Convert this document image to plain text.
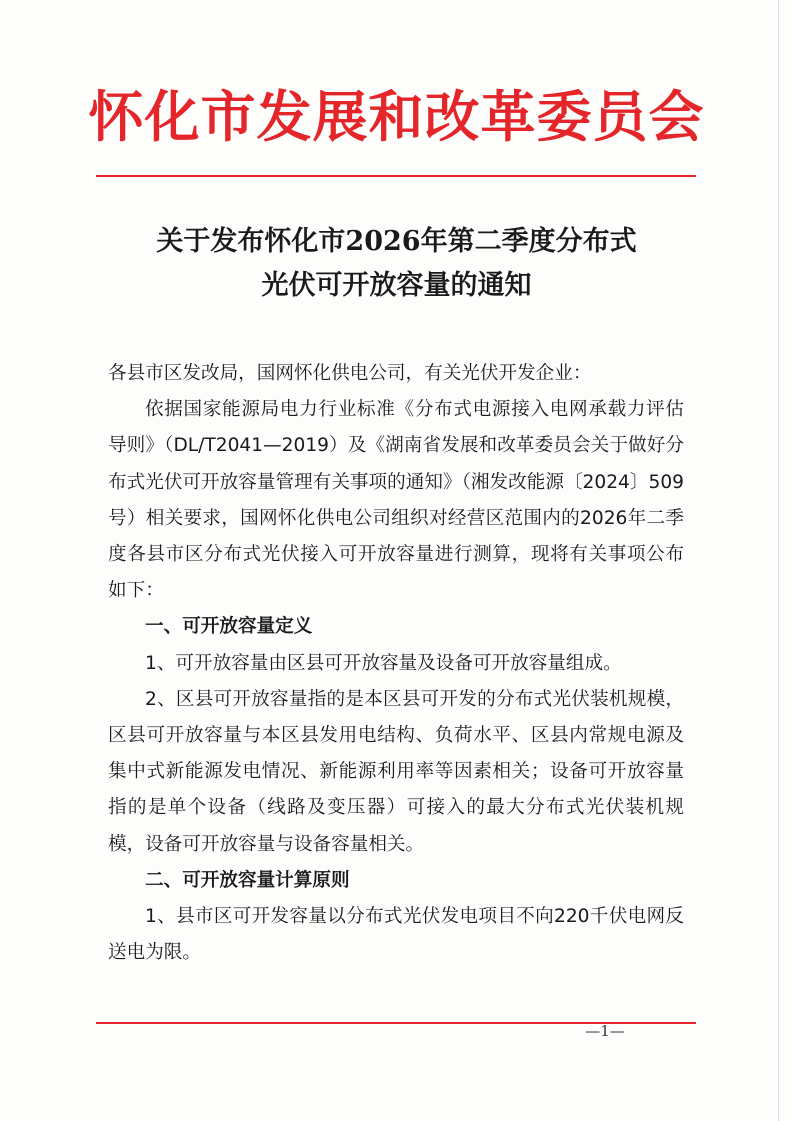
怀化市发展和改革委员会
关于发布怀化市2026年第二季度分布式
光伏可开放容量的通知

各县市区发改局，国网怀化供电公司，有关光伏开发企业：

依据国家能源局电力行业标准《分布式电源接入电网承载力评估导则》（DL/T2041—2019）及《湖南省发展和改革委员会关于做好分布式光伏可开放容量管理有关事项的通知》（湘发改能源〔2024〕509号）相关要求，国网怀化供电公司组织对经营区范围内的2026年二季度各县市区分布式光伏接入可开放容量进行测算，现将有关事项公布如下：

一、可开放容量定义

1、可开放容量由区县可开放容量及设备可开放容量组成。

2、区县可开放容量指的是本区县可开发的分布式光伏装机规模，区县可开放容量与本区县发用电结构、负荷水平、区县内常规电源及集中式新能源发电情况、新能源利用率等因素相关；设备可开放容量指的是单个设备（线路及变压器）可接入的最大分布式光伏装机规模，设备可开放容量与设备容量相关。

二、可开放容量计算原则

1、县市区可开发容量以分布式光伏发电项目不向220千伏电网反送电为限。

—1—
